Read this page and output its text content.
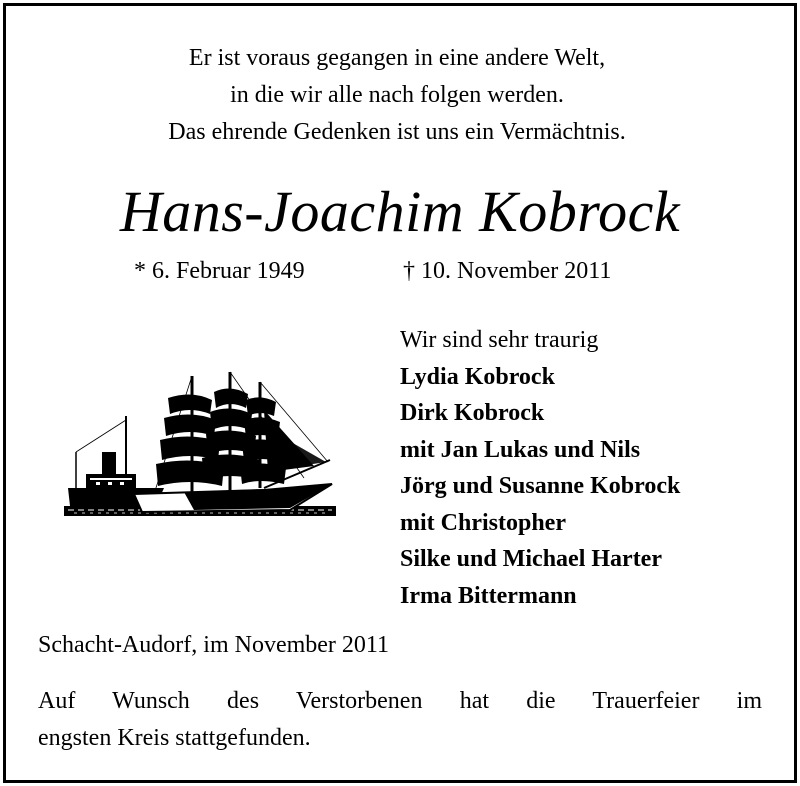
Er ist voraus gegangen in eine andere Welt,
in die wir alle nach folgen werden.
Das ehrende Gedenken ist uns ein Vermächtnis.
Hans-Joachim Kobrock
* 6. Februar 1949	† 10. November 2011
Wir sind sehr traurig
Lydia Kobrock
Dirk Kobrock
mit Jan Lukas und Nils
Jörg und Susanne Kobrock
mit Christopher
Silke und Michael Harter
Irma Bittermann
Schacht-Audorf, im November 2011
Auf Wunsch des Verstorbenen hat die Trauerfeier im
engsten Kreis stattgefunden.
